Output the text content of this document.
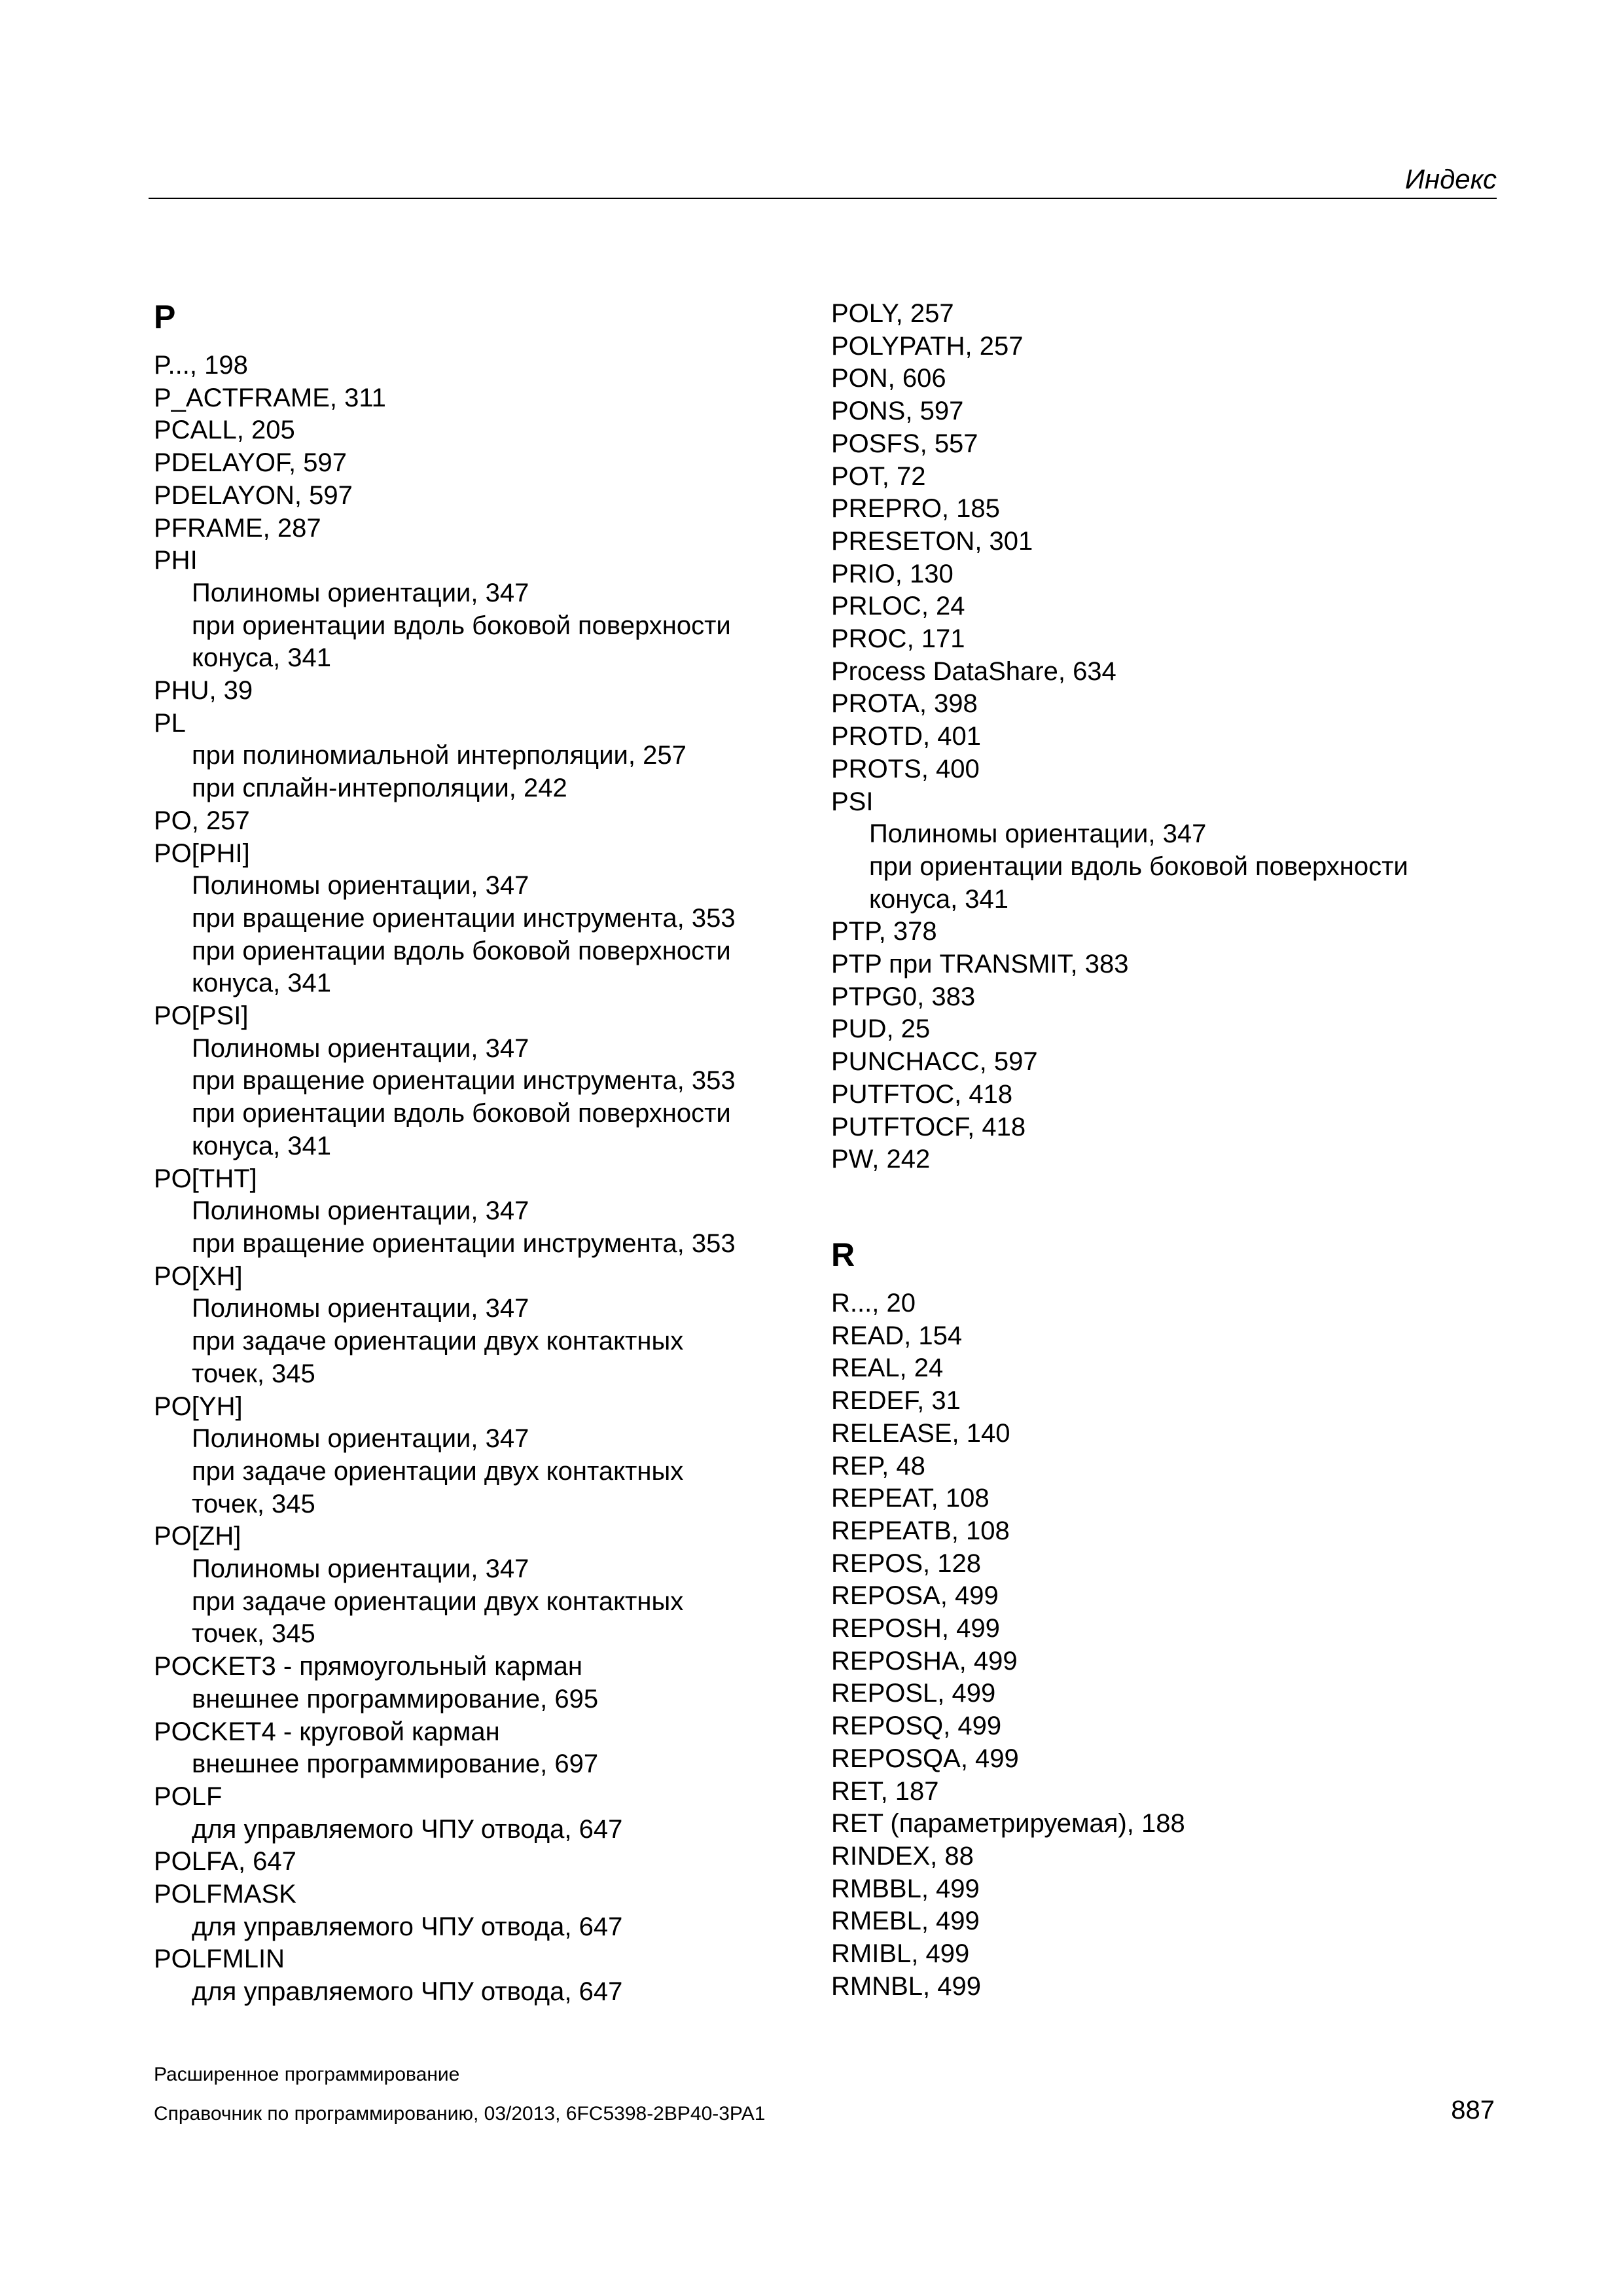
Индекс
P
P..., 198
P_ACTFRAME, 311
PCALL, 205
PDELAYOF, 597
PDELAYON, 597
PFRAME, 287
PHI
Полиномы ориентации, 347
при ориентации вдоль боковой поверхности
конуса, 341
PHU, 39
PL
при полиномиальной интерполяции, 257
при сплайн-интерполяции, 242
PO, 257
PO[PHI]
Полиномы ориентации, 347
при вращение ориентации инструмента, 353
при ориентации вдоль боковой поверхности
конуса, 341
PO[PSI]
Полиномы ориентации, 347
при вращение ориентации инструмента, 353
при ориентации вдоль боковой поверхности
конуса, 341
PO[THT]
Полиномы ориентации, 347
при вращение ориентации инструмента, 353
PO[XH]
Полиномы ориентации, 347
при задаче ориентации двух контактных
точек, 345
PO[YH]
Полиномы ориентации, 347
при задаче ориентации двух контактных
точек, 345
PO[ZH]
Полиномы ориентации, 347
при задаче ориентации двух контактных
точек, 345
POCKET3 - прямоугольный карман
внешнее программирование, 695
POCKET4 - круговой карман
внешнее программирование, 697
POLF
для управляемого ЧПУ отвода, 647
POLFA, 647
POLFMASK
для управляемого ЧПУ отвода, 647
POLFMLIN
для управляемого ЧПУ отвода, 647
POLY, 257
POLYPATH, 257
PON, 606
PONS, 597
POSFS, 557
POT, 72
PREPRO, 185
PRESETON, 301
PRIO, 130
PRLOC, 24
PROC, 171
Process DataShare, 634
PROTA, 398
PROTD, 401
PROTS, 400
PSI
Полиномы ориентации, 347
при ориентации вдоль боковой поверхности
конуса, 341
PTP, 378
PTP при TRANSMIT, 383
PTPG0, 383
PUD, 25
PUNCHACC, 597
PUTFTOC, 418
PUTFTOCF, 418
PW, 242
R
R..., 20
READ, 154
REAL, 24
REDEF, 31
RELEASE, 140
REP, 48
REPEAT, 108
REPEATB, 108
REPOS, 128
REPOSA, 499
REPOSH, 499
REPOSHA, 499
REPOSL, 499
REPOSQ, 499
REPOSQA, 499
RET, 187
RET (параметрируемая), 188
RINDEX, 88
RMBBL, 499
RMEBL, 499
RMIBL, 499
RMNBL, 499
Расширенное программирование
Справочник по программированию, 03/2013, 6FC5398-2BP40-3PA1	887
